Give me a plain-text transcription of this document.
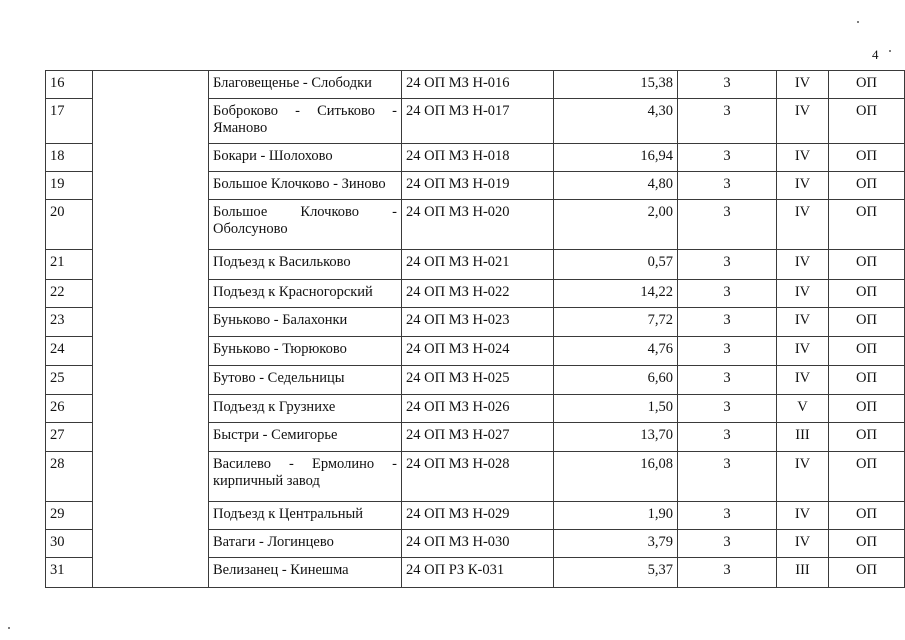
4
16		Благовещенье - Слободки	24 ОП МЗ Н-016	15,38	3	IV	ОП	
17		Боброково - Ситьково - Ямановo	24 ОП МЗ Н-017	4,30	3	IV	ОП	
18		Бокари - Шолохово	24 ОП МЗ Н-018	16,94	3	IV	ОП	
19		Большое Клочково - Зиново	24 ОП МЗ Н-019	4,80	3	IV	ОП	
20		Большое Клочково - Оболсуново	24 ОП МЗ Н-020	2,00	3	IV	ОП	
21		Подъезд к Васильково	24 ОП МЗ Н-021	0,57	3	IV	ОП	
22		Подъезд к Красногорский	24 ОП МЗ Н-022	14,22	3	IV	ОП	
23		Буньково - Балахонки	24 ОП МЗ Н-023	7,72	3	IV	ОП	
24		Буньково - Тюрюково	24 ОП МЗ Н-024	4,76	3	IV	ОП	
25		Бутово - Седельницы	24 ОП МЗ Н-025	6,60	3	IV	ОП	
26		Подъезд к Грузнихе	24 ОП МЗ Н-026	1,50	3	V	ОП	
27		Быстри - Семигорье	24 ОП МЗ Н-027	13,70	3	III	ОП	
28		Василево - Ермолино - кирпичный завод	24 ОП МЗ Н-028	16,08	3	IV	ОП	
29		Подъезд к Центральный	24 ОП МЗ Н-029	1,90	3	IV	ОП	
30		Ватаги - Логинцево	24 ОП МЗ Н-030	3,79	3	IV	ОП	
31		Велизанец - Кинешма	24 ОП РЗ К-031	5,37	3	III	ОП	
